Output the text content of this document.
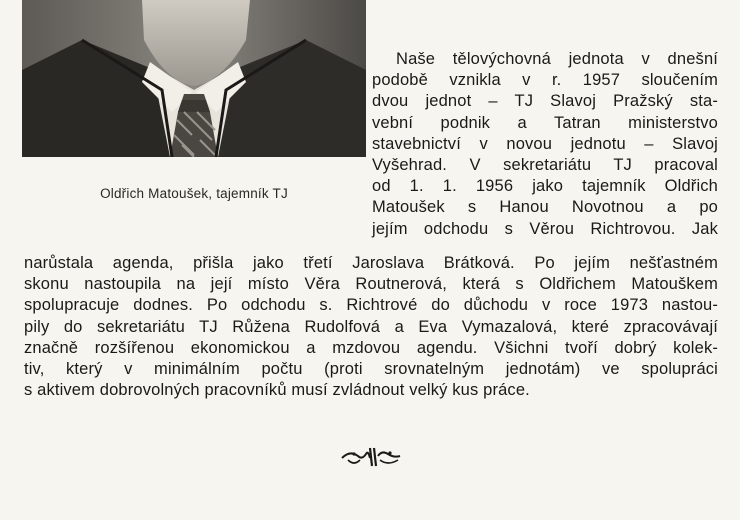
Oldřich Matoušek, tajemník TJ
Naše tělovýchovná jednota v dnešní
podobě vznikla v r. 1957 sloučením
dvou jednot – TJ Slavoj Pražský sta-
vební podnik a Tatran ministerstvo
stavebnictví v novou jednotu – Slavoj
Vyšehrad. V sekretariátu TJ pracoval
od 1. 1. 1956 jako tajemník Oldřich
Matoušek s Hanou Novotnou a po
jejím odchodu s Věrou Richtrovou. Jak
narůstala agenda, přišla jako třetí Jaroslava Brátková. Po jejím nešťastném
skonu nastoupila na její místo Věra Routnerová, která s Oldřichem Matouškem
spolupracuje dodnes. Po odchodu s. Richtrové do důchodu v roce 1973 nastou-
pily do sekretariátu TJ Růžena Rudolfová a Eva Vymazalová, které zpracovávají
značně rozšířenou ekonomickou a mzdovou agendu. Všichni tvoří dobrý kolek-
tiv, který v minimálním počtu (proti srovnatelným jednotám) ve spolupráci
s aktivem dobrovolných pracovníků musí zvládnout velký kus práce.
